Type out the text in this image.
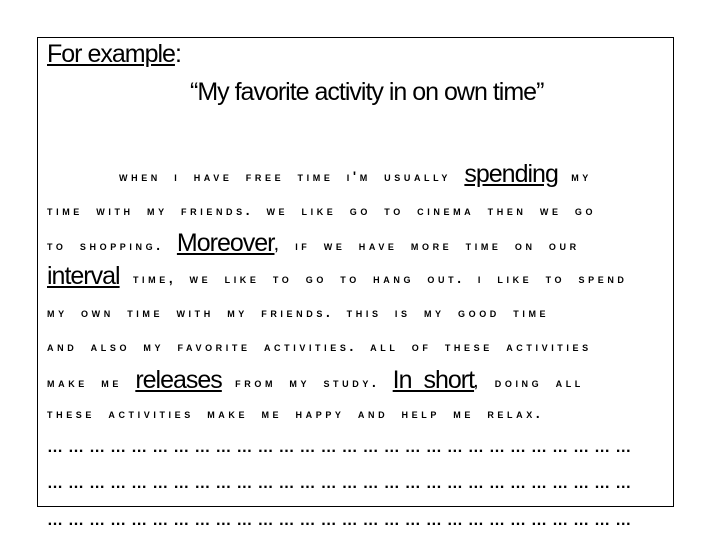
For example:
“My favorite activity in on own time”
when i have free time i'm usually spending my
time with my friends. we like go to cinema then we go
to shopping. Moreover, if we have more time on our
interval time, we like to go to hang out. i like to spend
my own time with my friends. this is my good time
and also my favorite activities. all of these activities
make me releases from my study. In short, doing all
these activities make me happy and help me relax.
… … … … … … … … … … … … … … … … … … … … … … … … … … … …
… … … … … … … … … … … … … … … … … … … … … … … … … … … …
… … … … … … … … … … … … … … … … … … … … … … … … … … … …
